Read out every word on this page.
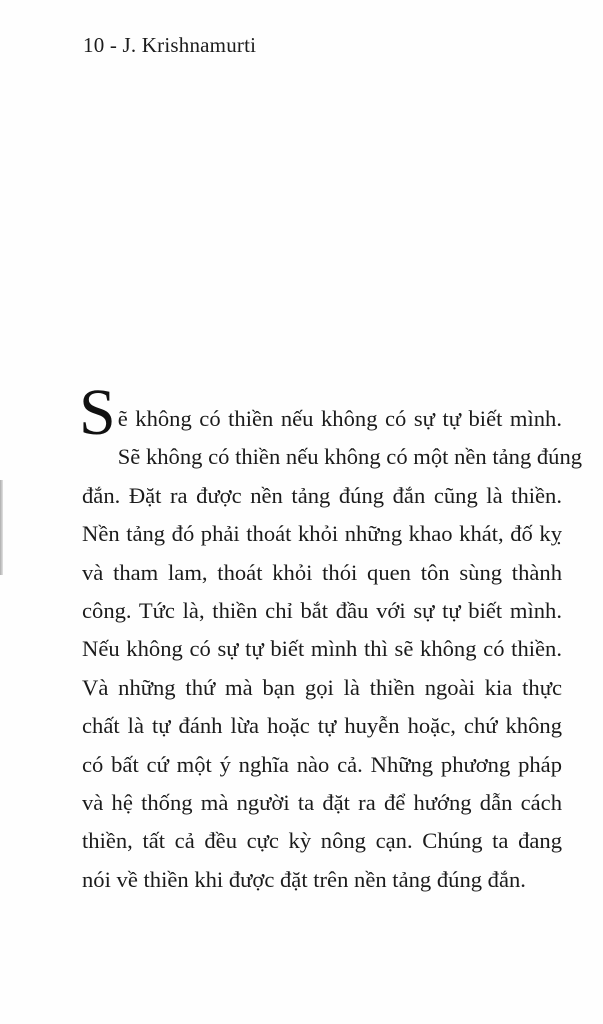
10 - J. Krishnamurti
Sẽ không có thiền nếu không có sự tự biết mình.
Sẽ không có thiền nếu không có một nền tảng đúng
đắn. Đặt ra được nền tảng đúng đắn cũng là thiền.
Nền tảng đó phải thoát khỏi những khao khát, đố kỵ
và tham lam, thoát khỏi thói quen tôn sùng thành
công. Tức là, thiền chỉ bắt đầu với sự tự biết mình.
Nếu không có sự tự biết mình thì sẽ không có thiền.
Và những thứ mà bạn gọi là thiền ngoài kia thực
chất là tự đánh lừa hoặc tự huyễn hoặc, chứ không
có bất cứ một ý nghĩa nào cả. Những phương pháp
và hệ thống mà người ta đặt ra để hướng dẫn cách
thiền, tất cả đều cực kỳ nông cạn. Chúng ta đang
nói về thiền khi được đặt trên nền tảng đúng đắn.
